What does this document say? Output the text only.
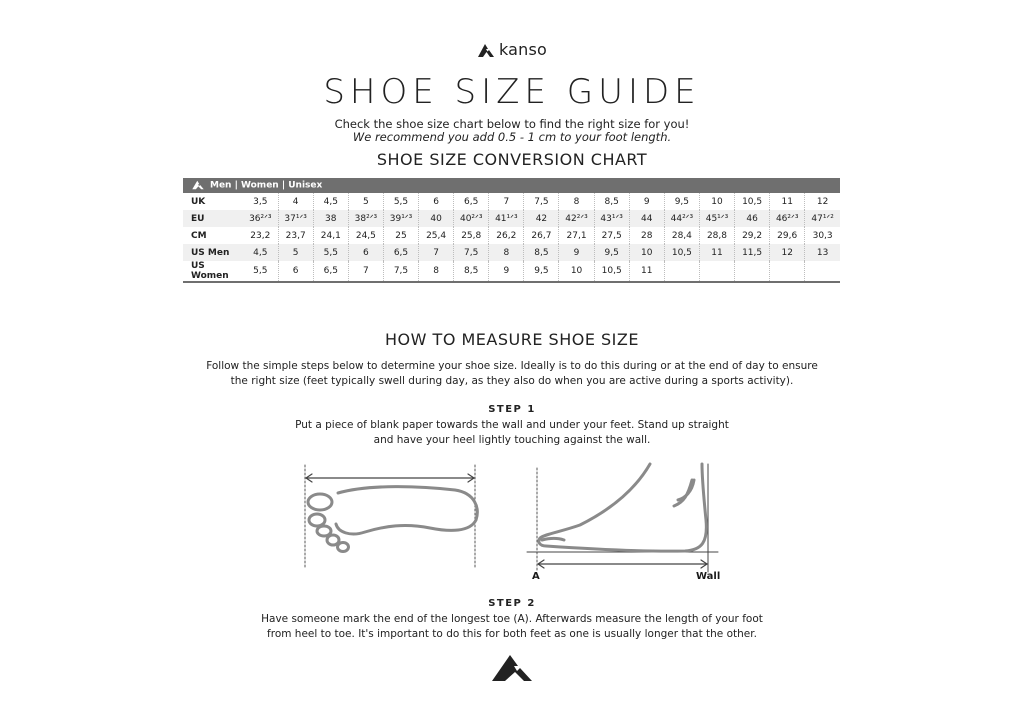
kanso
SHOE SIZE GUIDE
Check the shoe size chart below to find the right size for you!
We recommend you add 0.5 - 1 cm to your foot length.
SHOE SIZE CONVERSION CHART
Men | Women | Unisex																	
UK	3,5	4	4,5	5	5,5	6	6,5	7	7,5	8	8,5	9	9,5	10	10,5	11	12
EU	36²ᐟ³	37¹ᐟ³	38	38²ᐟ³	39¹ᐟ³	40	40²ᐟ³	41¹ᐟ³	42	42²ᐟ³	43¹ᐟ³	44	44²ᐟ³	45¹ᐟ³	46	46²ᐟ³	47¹ᐟ²
CM	23,2	23,7	24,1	24,5	25	25,4	25,8	26,2	26,7	27,1	27,5	28	28,4	28,8	29,2	29,6	30,3
US Men	4,5	5	5,5	6	6,5	7	7,5	8	8,5	9	9,5	10	10,5	11	11,5	12	13
US Women	5,5	6	6,5	7	7,5	8	8,5	9	9,5	10	10,5	11					
HOW TO MEASURE SHOE SIZE
Follow the simple steps below to determine your shoe size. Ideally is to do this during or at the end of day to ensure
the right size (feet typically swell during day, as they also do when you are active during a sports activity).
STEP 1
Put a piece of blank paper towards the wall and under your feet. Stand up straight
and have your heel lightly touching against the wall.
A	Wall
STEP 2
Have someone mark the end of the longest toe (A). Afterwards measure the length of your foot
from heel to toe. It's important to do this for both feet as one is usually longer that the other.
